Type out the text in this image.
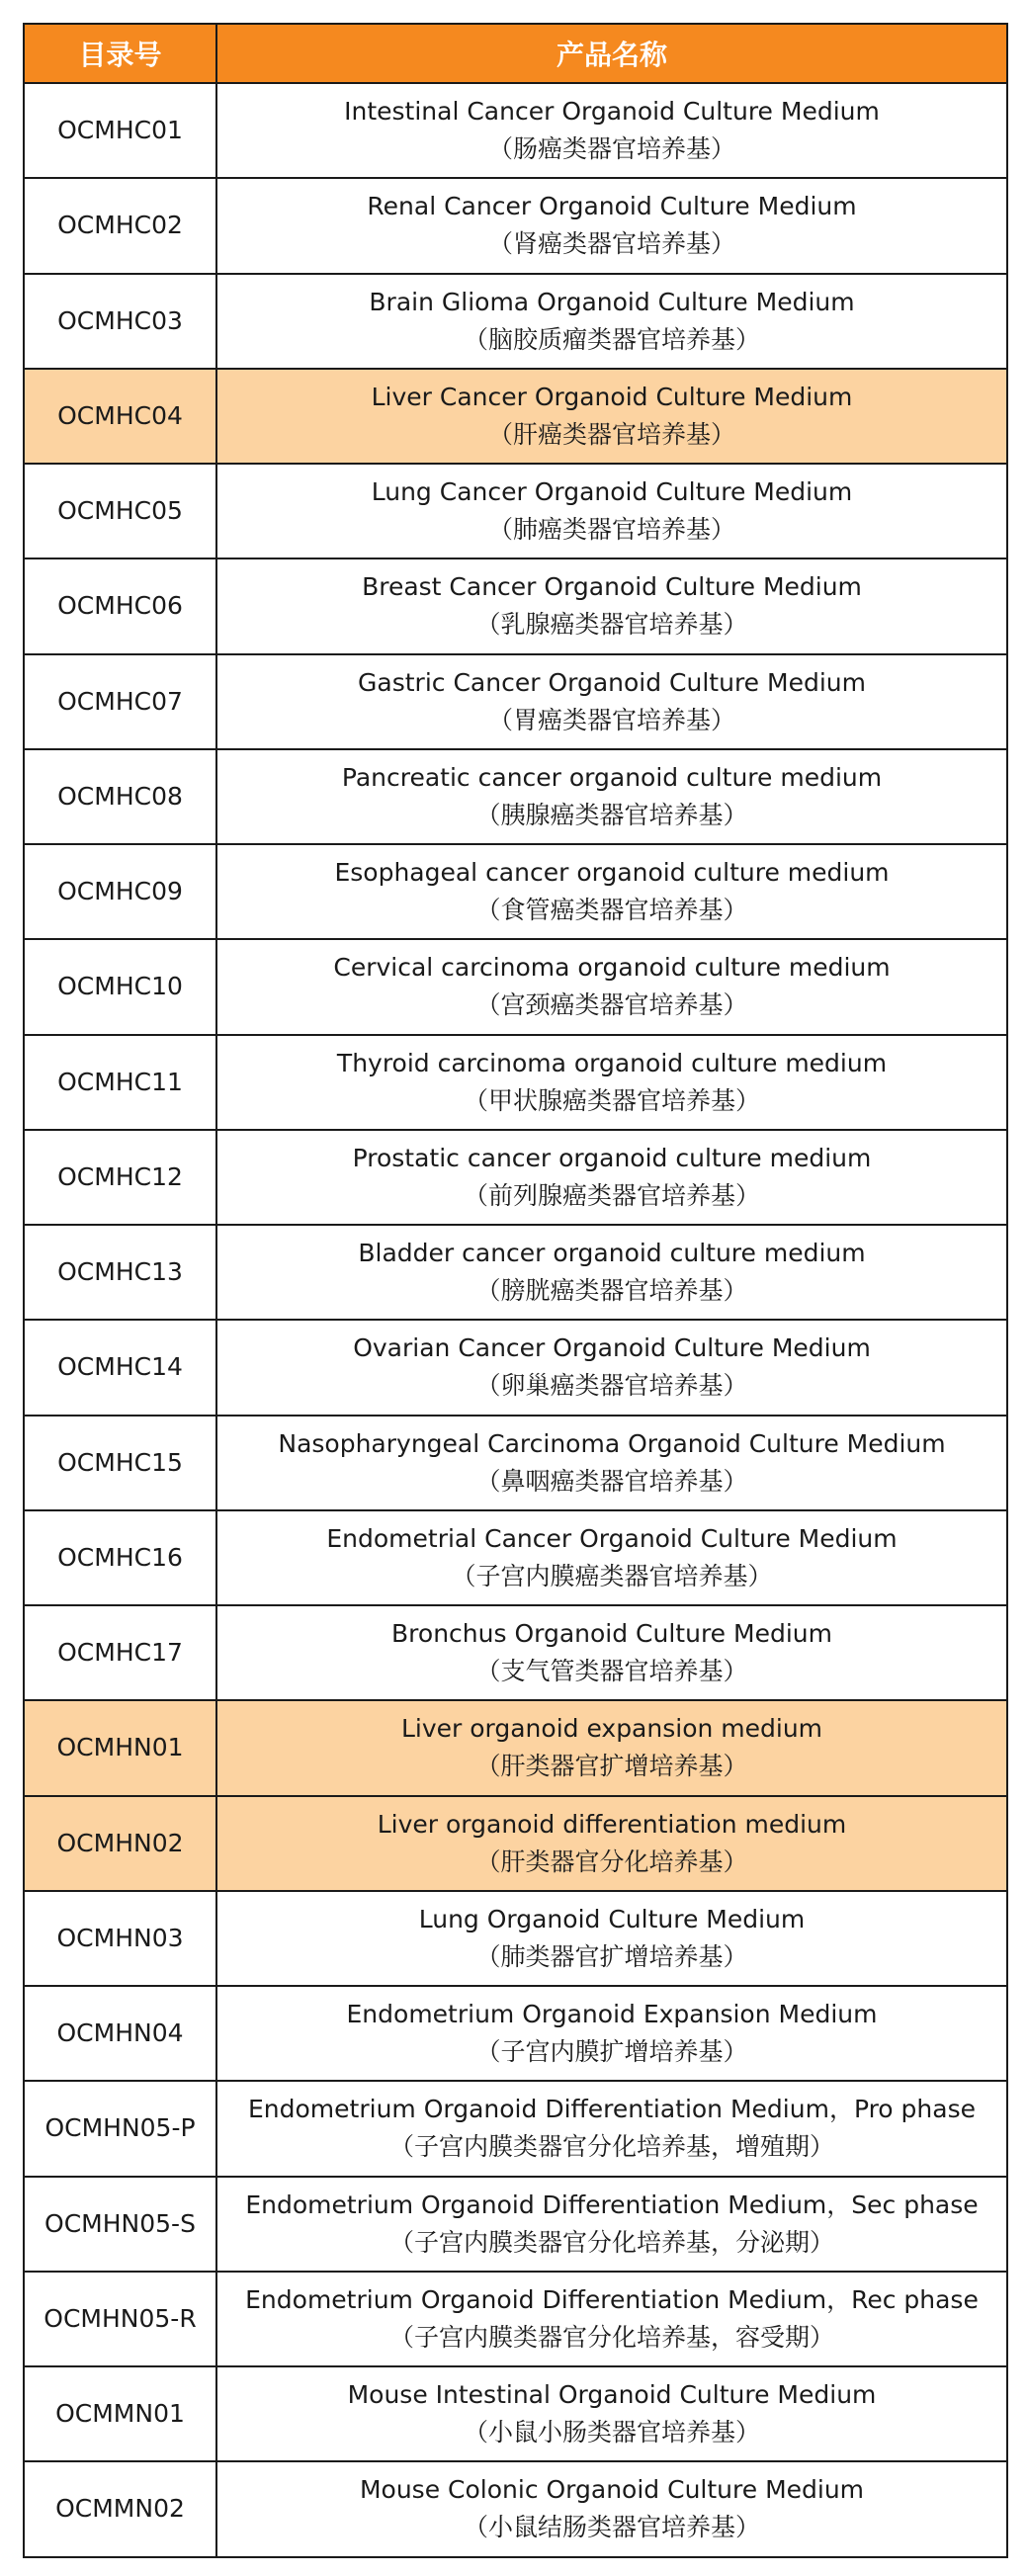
目录号	产品名称
OCMHC01	Intestinal Cancer Organoid Culture Medium
（肠癌类器官培养基）

OCMHC02	Renal Cancer Organoid Culture Medium
（肾癌类器官培养基）

OCMHC03	Brain Glioma Organoid Culture Medium
（脑胶质瘤类器官培养基）

OCMHC04	Liver Cancer Organoid Culture Medium
（肝癌类器官培养基）

OCMHC05	Lung Cancer Organoid Culture Medium
（肺癌类器官培养基）

OCMHC06	Breast Cancer Organoid Culture Medium
（乳腺癌类器官培养基）

OCMHC07	Gastric Cancer Organoid Culture Medium
（胃癌类器官培养基）

OCMHC08	Pancreatic cancer organoid culture medium
（胰腺癌类器官培养基）

OCMHC09	Esophageal cancer organoid culture medium
（食管癌类器官培养基）

OCMHC10	Cervical carcinoma organoid culture medium
（宫颈癌类器官培养基）

OCMHC11	Thyroid carcinoma organoid culture medium
（甲状腺癌类器官培养基）

OCMHC12	Prostatic cancer organoid culture medium
（前列腺癌类器官培养基）

OCMHC13	Bladder cancer organoid culture medium
（膀胱癌类器官培养基）

OCMHC14	Ovarian Cancer Organoid Culture Medium
（卵巢癌类器官培养基）

OCMHC15	Nasopharyngeal Carcinoma Organoid Culture Medium
（鼻咽癌类器官培养基）

OCMHC16	Endometrial Cancer Organoid Culture Medium
（子宫内膜癌类器官培养基）

OCMHC17	Bronchus Organoid Culture Medium
（支气管类器官培养基）

OCMHN01	Liver organoid expansion medium
（肝类器官扩增培养基）

OCMHN02	Liver organoid differentiation medium
（肝类器官分化培养基）

OCMHN03	Lung Organoid Culture Medium
（肺类器官扩增培养基）

OCMHN04	Endometrium Organoid Expansion Medium
（子宫内膜扩增培养基）

OCMHN05-P	Endometrium Organoid Differentiation Medium，Pro phase
（子宫内膜类器官分化培养基，增殖期）

OCMHN05-S	Endometrium Organoid Differentiation Medium，Sec phase
（子宫内膜类器官分化培养基，分泌期）

OCMHN05-R	Endometrium Organoid Differentiation Medium，Rec phase
（子宫内膜类器官分化培养基，容受期）

OCMMN01	Mouse Intestinal Organoid Culture Medium
（小鼠小肠类器官培养基）

OCMMN02	Mouse Colonic Organoid Culture Medium
（小鼠结肠类器官培养基）
